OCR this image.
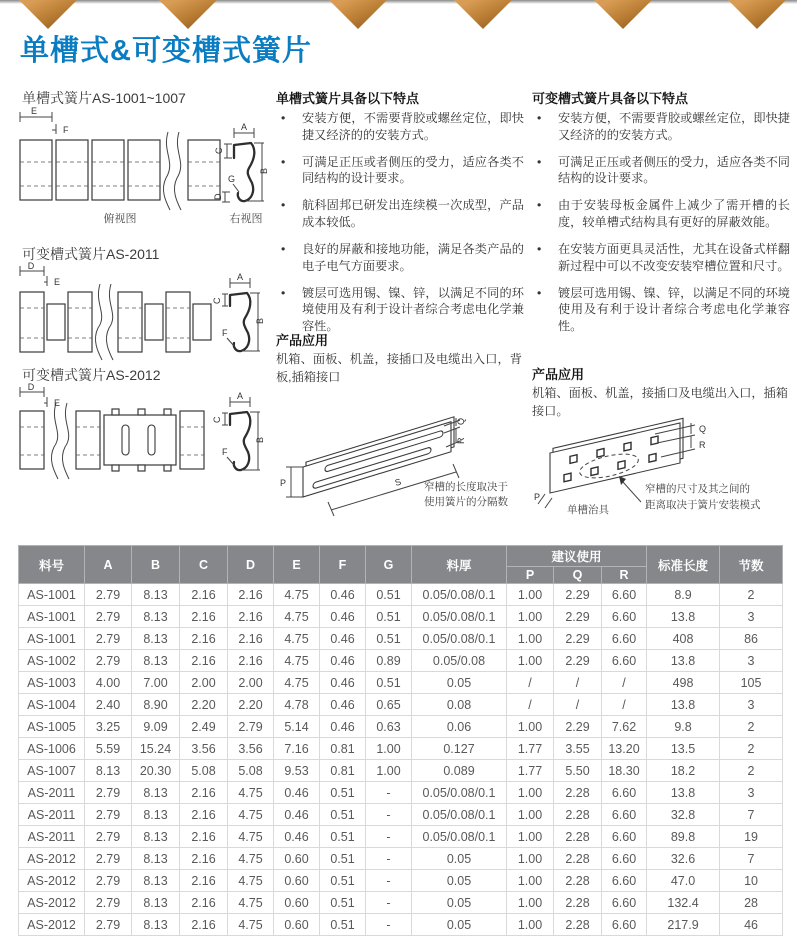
单槽式&可变槽式簧片
单槽式簧片AS-1001~1007
E
F
俯视图
A
C
G
D
B
右视图
可变槽式簧片AS-2011
D
E	A
C
F
B
可变槽式簧片AS-2012
D
E
A
C
F
B
单槽式簧片具备以下特点
• 安装方便，不需要背胶或螺丝定位，即快捷又经济的的安装方式。
• 可满足正压或者侧压的受力，适应各类不同结构的设计要求。
• 航科固邦已研发出连续模一次成型，产品成本较低。
• 良好的屏蔽和接地功能，满足各类产品的电子电气方面要求。
• 镀层可选用锡、镍、锌，以满足不同的环境使用及有利于设计者综合考虑电化学兼容性。
产品应用
机箱、面板、机盖，接插口及电缆出入口，背板,插箱接口
P
Q
R
S 窄槽的长度取决于
使用簧片的分隔数
可变槽式簧片具备以下特点
• 安装方便，不需要背胶或螺丝定位，即快捷又经济的的安装方式。
• 可满足正压或者侧压的受力，适应各类不同结构的设计要求。
• 由于安装母板金属件上减少了需开槽的长度，较单槽式结构具有更好的屏蔽效能。
• 在安装方面更具灵活性，尤其在设备式样翻新过程中可以不改变安装窄槽位置和尺寸。
• 镀层可选用锡、镍、锌，以满足不同的环境使用及有利于设计者综合考虑电化学兼容性。
产品应用
机箱、面板、机盖，接插口及电缆出入口，插箱接口。
Q
R
P
单槽治具
窄槽的尺寸及其之间的
距离取决于簧片安装模式
料号	A	B	C	D	E	F	G	料厚	建议使用			标准长度	节数
									P	Q	R		
AS-1001	2.79	8.13	2.16	2.16	4.75	0.46	0.51	0.05/0.08/0.1	1.00	2.29	6.60	8.9	2
AS-1001	2.79	8.13	2.16	2.16	4.75	0.46	0.51	0.05/0.08/0.1	1.00	2.29	6.60	13.8	3
AS-1001	2.79	8.13	2.16	2.16	4.75	0.46	0.51	0.05/0.08/0.1	1.00	2.29	6.60	408	86
AS-1002	2.79	8.13	2.16	2.16	4.75	0.46	0.89	0.05/0.08	1.00	2.29	6.60	13.8	3
AS-1003	4.00	7.00	2.00	2.00	4.75	0.46	0.51	0.05	/	/	/	498	105
AS-1004	2.40	8.90	2.20	2.20	4.78	0.46	0.65	0.08	/	/	/	13.8	3
AS-1005	3.25	9.09	2.49	2.79	5.14	0.46	0.63	0.06	1.00	2.29	7.62	9.8	2
AS-1006	5.59	15.24	3.56	3.56	7.16	0.81	1.00	0.127	1.77	3.55	13.20	13.5	2
AS-1007	8.13	20.30	5.08	5.08	9.53	0.81	1.00	0.089	1.77	5.50	18.30	18.2	2
AS-2011	2.79	8.13	2.16	4.75	0.46	0.51	-	0.05/0.08/0.1	1.00	2.28	6.60	13.8	3
AS-2011	2.79	8.13	2.16	4.75	0.46	0.51	-	0.05/0.08/0.1	1.00	2.28	6.60	32.8	7
AS-2011	2.79	8.13	2.16	4.75	0.46	0.51	-	0.05/0.08/0.1	1.00	2.28	6.60	89.8	19
AS-2012	2.79	8.13	2.16	4.75	0.60	0.51	-	0.05	1.00	2.28	6.60	32.6	7
AS-2012	2.79	8.13	2.16	4.75	0.60	0.51	-	0.05	1.00	2.28	6.60	47.0	10
AS-2012	2.79	8.13	2.16	4.75	0.60	0.51	-	0.05	1.00	2.28	6.60	132.4	28
AS-2012	2.79	8.13	2.16	4.75	0.60	0.51	-	0.05	1.00	2.28	6.60	217.9	46
